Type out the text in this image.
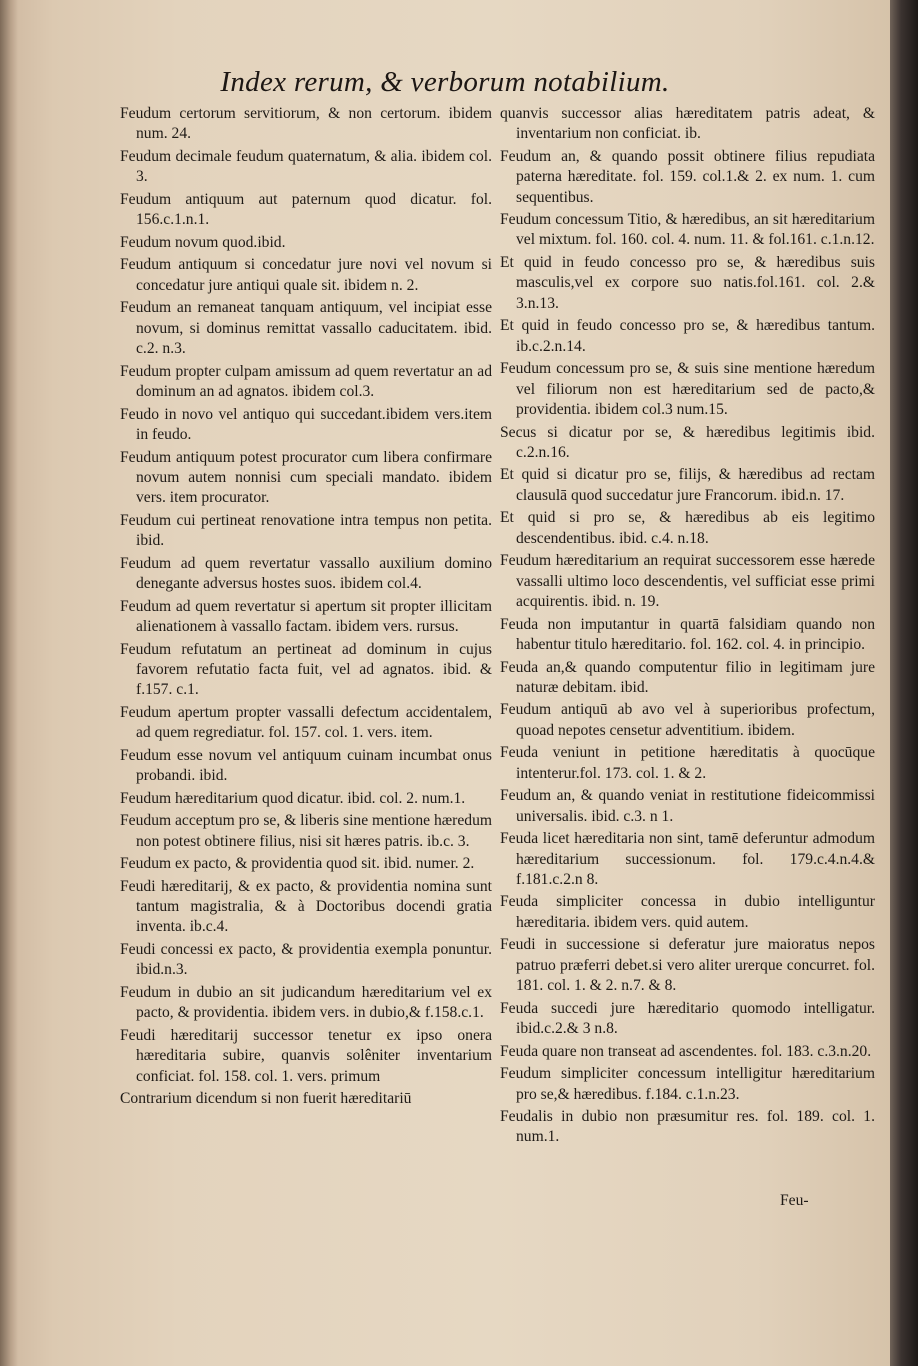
Index rerum, & verborum notabilium.
Feudum certorum servitiorum, & non certorum. ibidem num. 24.
Feudum decimale feudum quaternatum, & alia. ibidem col. 3.
Feudum antiquum aut paternum quod dicatur. fol. 156.c.1.n.1.
Feudum novum quod.ibid.
Feudum antiquum si concedatur jure novi vel novum si concedatur jure antiqui quale sit. ibidem n. 2.
Feudum an remaneat tanquam antiquum, vel incipiat esse novum, si dominus remittat vassallo caducitatem. ibid. c.2. n.3.
Feudum propter culpam amissum ad quem revertatur an ad dominum an ad agnatos. ibidem col.3.
Feudo in novo vel antiquo qui succedant.ibidem vers.item in feudo.
Feudum antiquum potest procurator cum libera confirmare novum autem nonnisi cum speciali mandato. ibidem vers. item procurator.
Feudum cui pertineat renovatione intra tempus non petita. ibid.
Feudum ad quem revertatur vassallo auxilium domino denegante adversus hostes suos. ibidem col.4.
Feudum ad quem revertatur si apertum sit propter illicitam alienationem à vassallo factam. ibidem vers. rursus.
Feudum refutatum an pertineat ad dominum in cujus favorem refutatio facta fuit, vel ad agnatos. ibid. & f.157. c.1.
Feudum apertum propter vassalli defectum accidentalem, ad quem regrediatur. fol. 157. col. 1. vers. item.
Feudum esse novum vel antiquum cuinam incumbat onus probandi. ibid.
Feudum hæreditarium quod dicatur. ibid. col. 2. num.1.
Feudum acceptum pro se, & liberis sine mentione hæredum non potest obtinere filius, nisi sit hæres patris. ib.c. 3.
Feudum ex pacto, & providentia quod sit. ibid. numer. 2.
Feudi hæreditarij, & ex pacto, & providentia nomina sunt tantum magistralia, & à Doctoribus docendi gratia inventa. ib.c.4.
Feudi concessi ex pacto, & providentia exempla ponuntur. ibid.n.3.
Feudum in dubio an sit judicandum hæreditarium vel ex pacto, & providentia. ibidem vers. in dubio,& f.158.c.1.
Feudi hæreditarij successor tenetur ex ipso onera hæreditaria subire, quanvis solêniter inventarium conficiat. fol. 158. col. 1. vers. primum
Contrarium dicendum si non fuerit hæreditariū
quanvis successor alias hæreditatem patris adeat, & inventarium non conficiat. ib.
Feudum an, & quando possit obtinere filius repudiata paterna hæreditate. fol. 159. col.1.& 2. ex num. 1. cum sequentibus.
Feudum concessum Titio, & hæredibus, an sit hæreditarium vel mixtum. fol. 160. col. 4. num. 11. & fol.161. c.1.n.12.
Et quid in feudo concesso pro se, & hæredibus suis masculis,vel ex corpore suo natis.fol.161. col. 2.& 3.n.13.
Et quid in feudo concesso pro se, & hæredibus tantum. ib.c.2.n.14.
Feudum concessum pro se, & suis sine mentione hæredum vel filiorum non est hæreditarium sed de pacto,& providentia. ibidem col.3 num.15.
Secus si dicatur por se, & hæredibus legitimis ibid. c.2.n.16.
Et quid si dicatur pro se, filijs, & hæredibus ad rectam clausulā quod succedatur jure Francorum. ibid.n. 17.
Et quid si pro se, & hæredibus ab eis legitimo descendentibus. ibid. c.4. n.18.
Feudum hæreditarium an requirat successorem esse hærede vassalli ultimo loco descendentis, vel sufficiat esse primi acquirentis. ibid. n. 19.
Feuda non imputantur in quartā falsidiam quando non habentur titulo hæreditario. fol. 162. col. 4. in principio.
Feuda an,& quando computentur filio in legitimam jure naturæ debitam. ibid.
Feudum antiquū ab avo vel à superioribus profectum, quoad nepotes censetur adventitium. ibidem.
Feuda veniunt in petitione hæreditatis à quocūque intenterur.fol. 173. col. 1. & 2.
Feudum an, & quando veniat in restitutione fideicommissi universalis. ibid. c.3. n 1.
Feuda licet hæreditaria non sint, tamē deferuntur admodum hæreditarium successionum. fol. 179.c.4.n.4.& f.181.c.2.n 8.
Feuda simpliciter concessa in dubio intelliguntur hæreditaria. ibidem vers. quid autem.
Feudi in successione si deferatur jure maioratus nepos patruo præferri debet.si vero aliter urerque concurret. fol. 181. col. 1. & 2. n.7. & 8.
Feuda succedi jure hæreditario quomodo intelligatur. ibid.c.2.& 3 n.8.
Feuda quare non transeat ad ascendentes. fol. 183. c.3.n.20.
Feudum simpliciter concessum intelligitur hæreditarium pro se,& hæredibus. f.184. c.1.n.23.
Feudalis in dubio non præsumitur res. fol. 189. col. 1. num.1.
Feu-
